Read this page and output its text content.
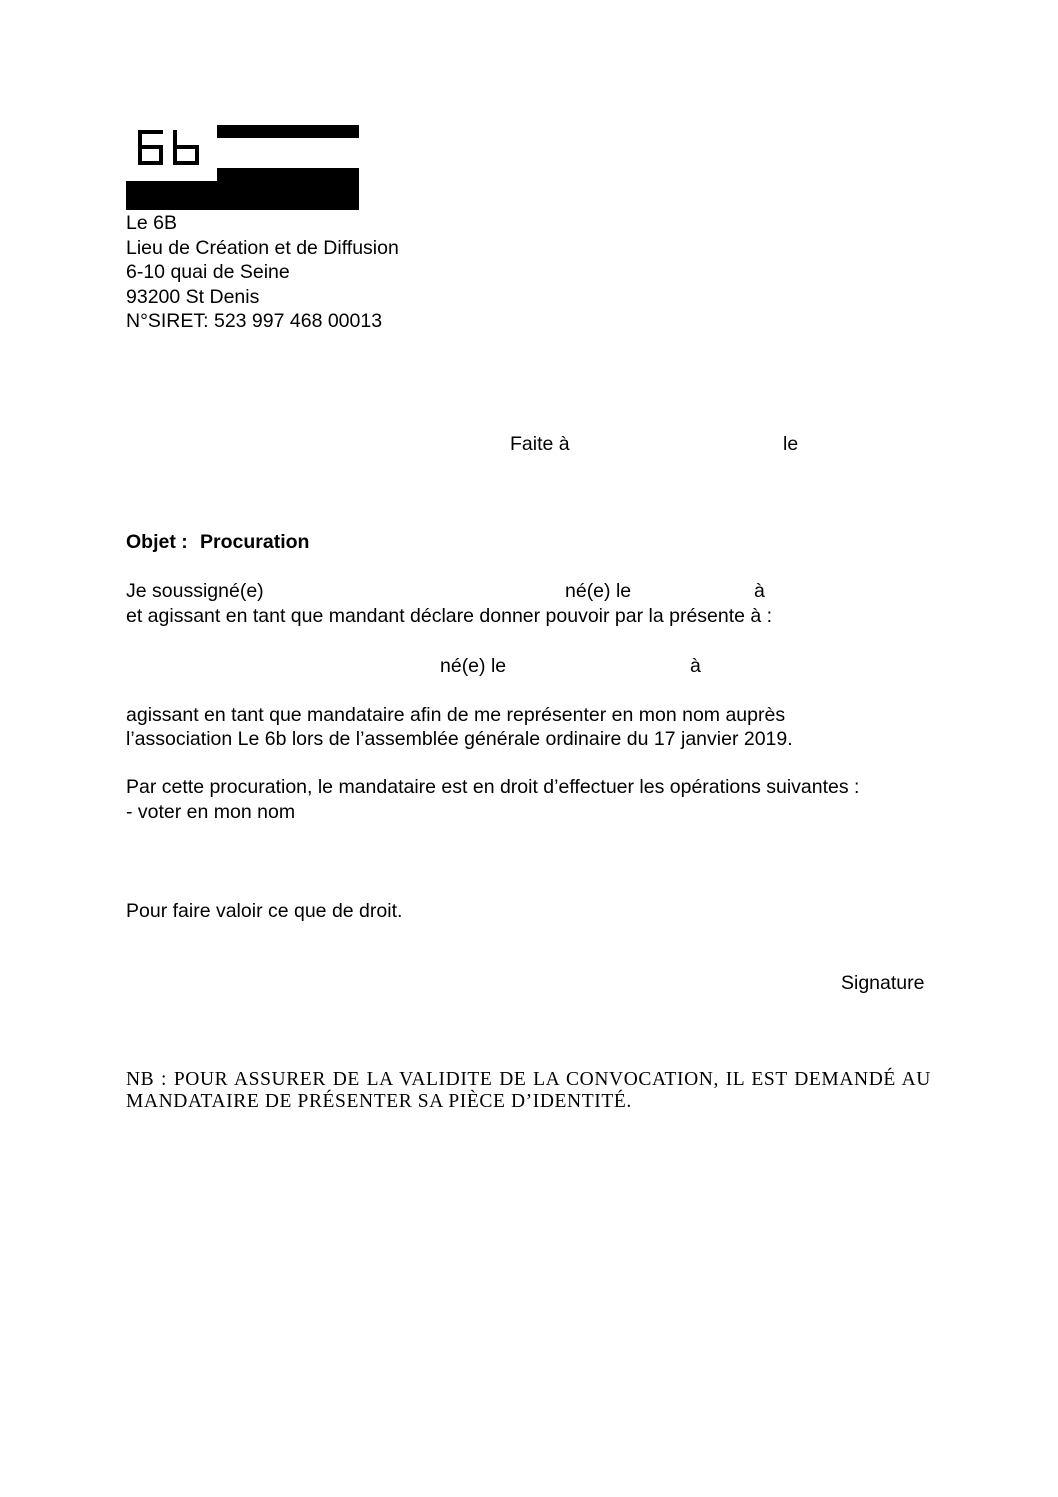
Le 6B
Lieu de Création et de Diffusion
6-10 quai de Seine
93200 St Denis
N°SIRET: 523 997 468 00013
Faite à	le
Objet : Procuration
Je soussigné(e)	né(e) le	à
et agissant en tant que mandant déclare donner pouvoir par la présente à :
né(e) le	à
agissant en tant que mandataire afin de me représenter en mon nom auprès
l’association Le 6b lors de l’assemblée générale ordinaire du 17 janvier 2019.
Par cette procuration, le mandataire est en droit d’effectuer les opérations suivantes :
- voter en mon nom
Pour faire valoir ce que de droit.
Signature
NB : POUR ASSURER DE LA VALIDITE DE LA CONVOCATION, IL EST DEMANDÉ AU MANDATAIRE DE PRÉSENTER SA PIÈCE D’IDENTITÉ.
